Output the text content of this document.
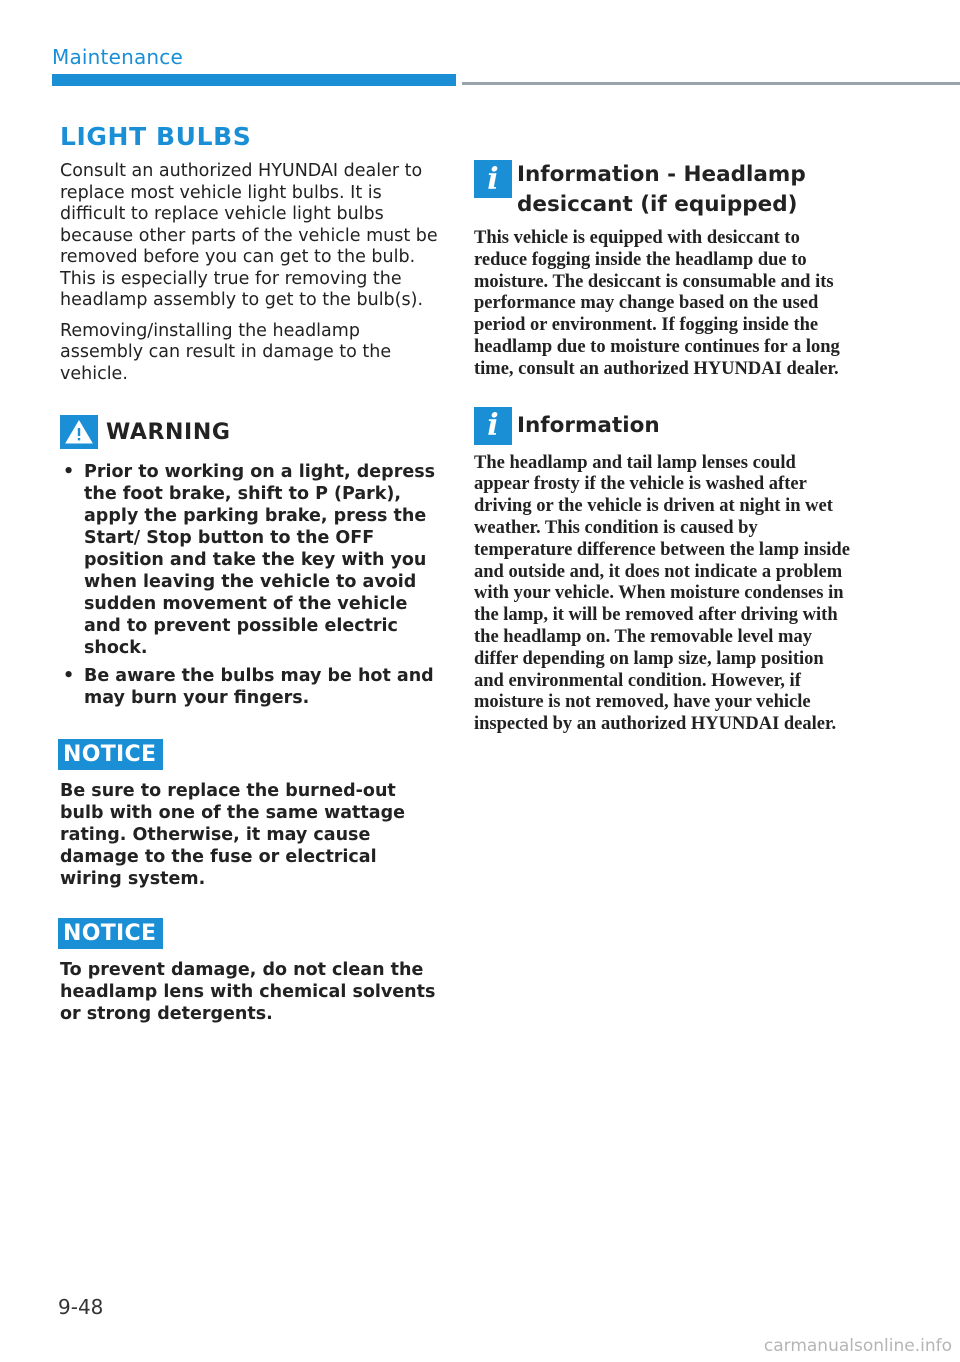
Maintenance
LIGHT BULBS

Consult an authorized HYUNDAI dealer to replace most vehicle light bulbs. It is difficult to replace vehicle light bulbs because other parts of the vehicle must be removed before you can get to the bulb. This is especially true for removing the headlamp assembly to get to the bulb(s).

Removing/installing the headlamp assembly can result in damage to the vehicle.

WARNING
• Prior to working on a light, depress the foot brake, shift to P (Park), apply the parking brake, press the Start/ Stop button to the OFF position and take the key with you when leaving the vehicle to avoid sudden movement of the vehicle and to prevent possible electric shock.
• Be aware the bulbs may be hot and may burn your fingers.
NOTICE

Be sure to replace the burned-out bulb with one of the same wattage rating. Otherwise, it may cause damage to the fuse or electrical wiring system.

NOTICE

To prevent damage, do not clean the headlamp lens with chemical solvents or strong detergents.

i Information - Headlamp
desiccant (if equipped)

This vehicle is equipped with desiccant to reduce fogging inside the headlamp due to moisture. The desiccant is consumable and its performance may change based on the used period or environment. If fogging inside the headlamp due to moisture continues for a long time, consult an authorized HYUNDAI dealer.

i Information

The headlamp and tail lamp lenses could appear frosty if the vehicle is washed after driving or the vehicle is driven at night in wet weather. This condition is caused by temperature difference between the lamp inside and outside and, it does not indicate a problem with your vehicle. When moisture condenses in the lamp, it will be removed after driving with the headlamp on. The removable level may differ depending on lamp size, lamp position and environmental condition. However, if moisture is not removed, have your vehicle inspected by an authorized HYUNDAI dealer.

9-48
carmanualsonline.info
